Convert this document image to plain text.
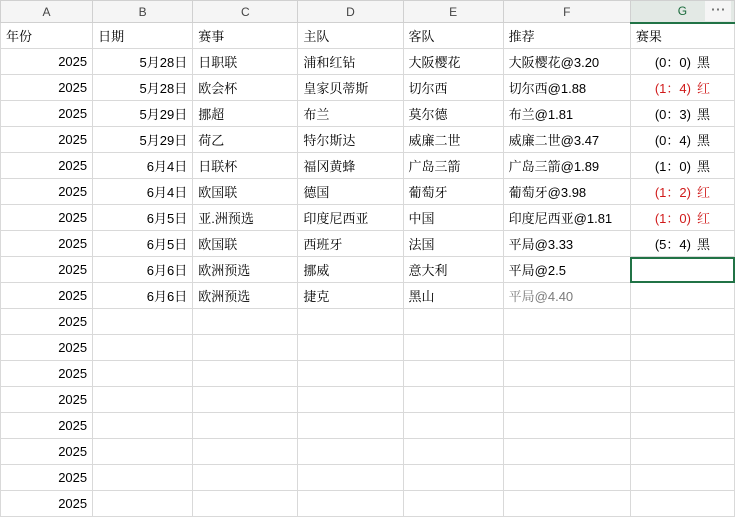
⋯
A	B	C	D	E	F	G
年份	日期	赛事	主队	客队	推荐	赛果
2025	5月28日	日职联	浦和红钻	大阪樱花	大阪樱花@3.20	(0：0) 黑
2025	5月28日	欧会杯	皇家贝蒂斯	切尔西	切尔西@1.88	(1：4) 红
2025	5月29日	挪超	布兰	莫尔德	布兰@1.81	(0：3) 黑
2025	5月29日	荷乙	特尔斯达	威廉二世	威廉二世@3.47	(0：4) 黑
2025	6月4日	日联杯	福冈黄蜂	广岛三箭	广岛三箭@1.89	(1：0) 黑
2025	6月4日	欧国联	德国	葡萄牙	葡萄牙@3.98	(1：2) 红
2025	6月5日	亚.洲预选	印度尼西亚	中国	印度尼西亚@1.81	(1：0) 红
2025	6月5日	欧国联	西班牙	法国	平局@3.33	(5：4) 黑
2025	6月6日	欧洲预选	挪威	意大利	平局@2.5	
2025	6月6日	欧洲预选	捷克	黑山	平局@4.40	
2025						
2025						
2025						
2025						
2025						
2025						
2025						
2025						
